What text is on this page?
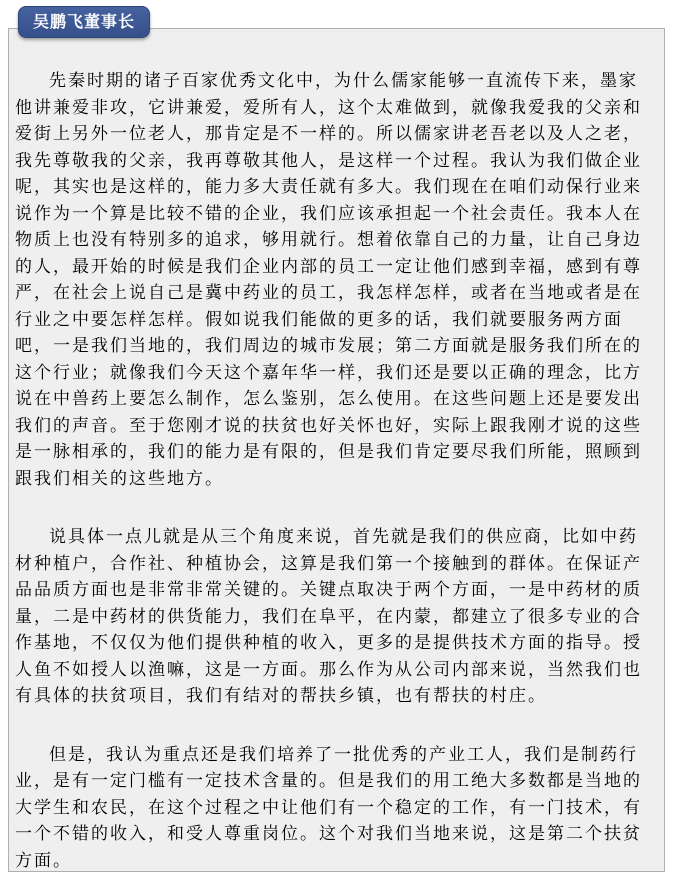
吴鹏飞董事长

先秦时期的诸子百家优秀文化中，为什么儒家能够一直流传下来，墨家他讲兼爱非攻，它讲兼爱，爱所有人，这个太难做到，就像我爱我的父亲和爱街上另外一位老人，那肯定是不一样的。所以儒家讲老吾老以及人之老，我先尊敬我的父亲，我再尊敬其他人，是这样一个过程。我认为我们做企业呢，其实也是这样的，能力多大责任就有多大。我们现在在咱们动保行业来说作为一个算是比较不错的企业，我们应该承担起一个社会责任。我本人在物质上也没有特别多的追求，够用就行。想着依靠自己的力量，让自己身边的人，最开始的时候是我们企业内部的员工一定让他们感到幸福，感到有尊严，在社会上说自己是冀中药业的员工，我怎样怎样，或者在当地或者是在行业之中要怎样怎样。假如说我们能做的更多的话，我们就要服务两方面吧，一是我们当地的，我们周边的城市发展；第二方面就是服务我们所在的这个行业；就像我们今天这个嘉年华一样，我们还是要以正确的理念，比方说在中兽药上要怎么制作，怎么鉴别，怎么使用。在这些问题上还是要发出我们的声音。至于您刚才说的扶贫也好关怀也好，实际上跟我刚才说的这些是一脉相承的，我们的能力是有限的，但是我们肯定要尽我们所能，照顾到跟我们相关的这些地方。

说具体一点儿就是从三个角度来说，首先就是我们的供应商，比如中药材种植户，合作社、种植协会，这算是我们第一个接触到的群体。在保证产品品质方面也是非常非常关键的。关键点取决于两个方面，一是中药材的质量，二是中药材的供货能力，我们在阜平，在内蒙，都建立了很多专业的合作基地，不仅仅为他们提供种植的收入，更多的是提供技术方面的指导。授人鱼不如授人以渔嘛，这是一方面。那么作为从公司内部来说，当然我们也有具体的扶贫项目，我们有结对的帮扶乡镇，也有帮扶的村庄。

但是，我认为重点还是我们培养了一批优秀的产业工人，我们是制药行业，是有一定门槛有一定技术含量的。但是我们的用工绝大多数都是当地的大学生和农民，在这个过程之中让他们有一个稳定的工作，有一门技术，有一个不错的收入，和受人尊重岗位。这个对我们当地来说，这是第二个扶贫方面。
